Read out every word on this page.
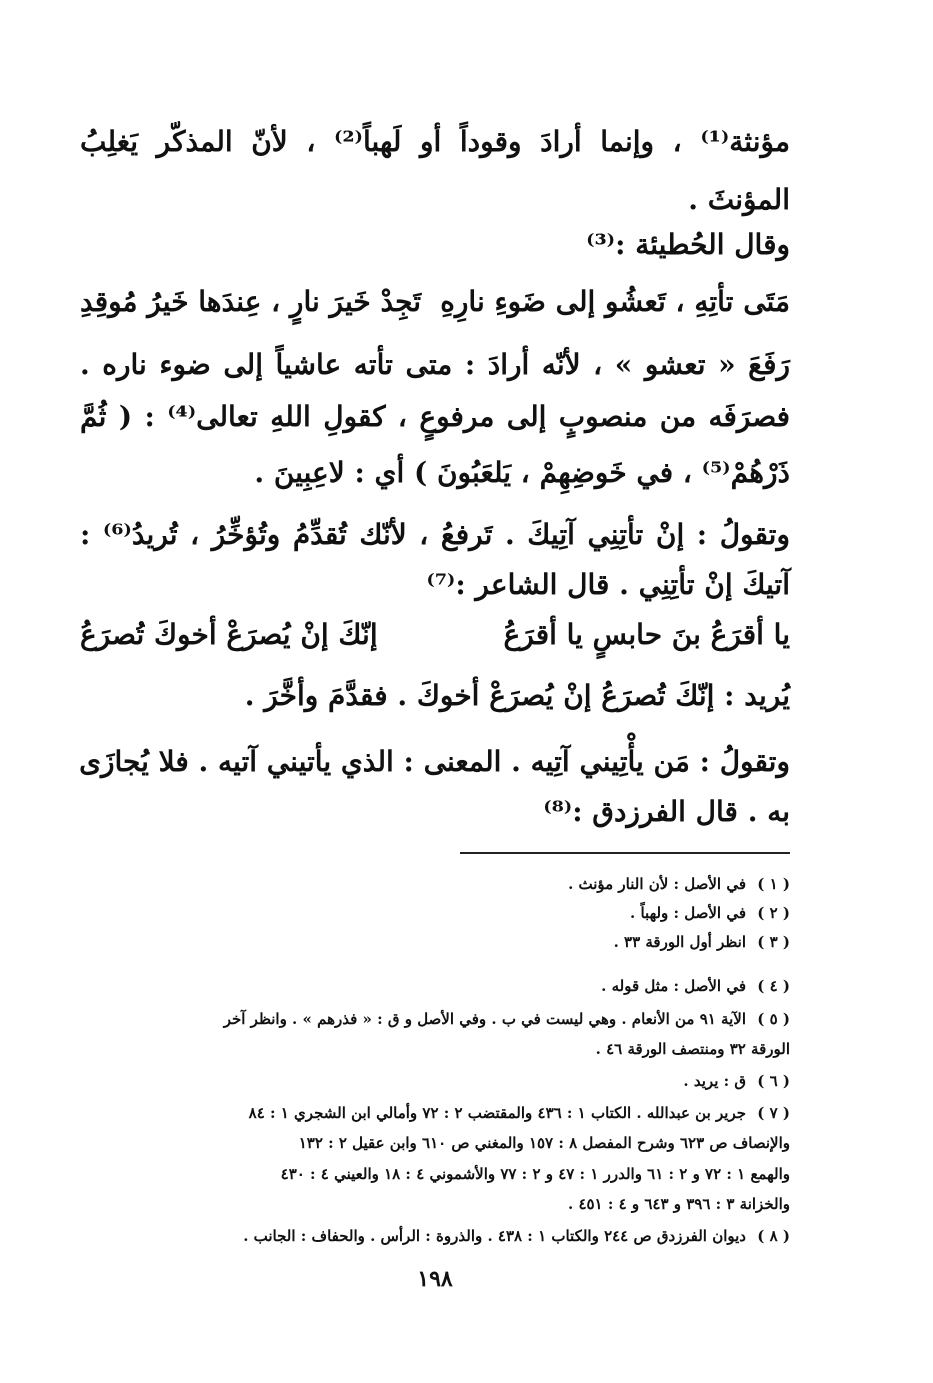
مؤنثة⁽¹⁾ ، وإنما أرادَ وقوداً أو لَهباً⁽²⁾ ، لأنّ المذكّر يَغلِبُ
المؤنثَ .
وقال الحُطيئة :⁽³⁾
مَتَى تأتِهِ ، تَعشُو إلى ضَوءِ نارِهِ
تَجِدْ خَيرَ نارٍ ، عِندَها خَيرُ مُوقِدِ
رَفَعَ « تعشو » ، لأنّه أرادَ : متى تأته عاشياً إلى ضوء ناره .
فصرَفَه من منصوبٍ إلى مرفوعٍ ، كقولِ اللهِ تعالى⁽⁴⁾ : ( ثُمَّ
ذَرْهُمْ⁽⁵⁾ ، في خَوضِهِمْ ، يَلعَبُونَ ) أي : لاعِبِينَ .
وتقولُ : إنْ تأتِنِي آتِيكَ . تَرفعُ ، لأنّك تُقدِّمُ وتُؤخِّرُ ، تُريدُ⁽⁶⁾ :
آتيكَ إنْ تأتِنِي . قال الشاعر :⁽⁷⁾
يا أقرَعُ بنَ حابسٍ يا أقرَعُ
إنّكَ إنْ يُصرَعْ أخوكَ تُصرَعُ
يُريد : إنّكَ تُصرَعُ إنْ يُصرَعْ أخوكَ . فقدَّمَ وأخَّرَ .
وتقولُ : مَن يأْتِيني آتِيه . المعنى : الذي يأتيني آتيه . فلا يُجازَى
به . قال الفرزدق :⁽⁸⁾
( ١ )في الأصل : لأن النار مؤنث .
( ٢ )في الأصل : ولهباً .
( ٣ )انظر أول الورقة ٣٣ .
( ٤ )في الأصل : مثل قوله .
( ٥ )الآية ٩١ من الأنعام . وهي ليست في ب . وفي الأصل و ق : « فذرهم » . وانظر آخر
الورقة ٣٢ ومنتصف الورقة ٤٦ .
( ٦ )ق : يريد .
( ٧ )جرير بن عبدالله . الكتاب ١ : ٤٣٦ والمقتضب ٢ : ٧٢ وأمالي ابن الشجري ١ : ٨٤
والإنصاف ص ٦٢٣ وشرح المفصل ٨ : ١٥٧ والمغني ص ٦١٠ وابن عقيل ٢ : ١٣٢
والهمع ١ : ٧٢ و ٢ : ٦١ والدرر ١ : ٤٧ و ٢ : ٧٧ والأشموني ٤ : ١٨ والعيني ٤ : ٤٣٠
والخزانة ٣ : ٣٩٦ و ٦٤٣ و ٤ : ٤٥١ .
( ٨ )ديوان الفرزدق ص ٢٤٤ والكتاب ١ : ٤٣٨ . والذروة : الرأس . والحفاف : الجانب .
١٩٨
